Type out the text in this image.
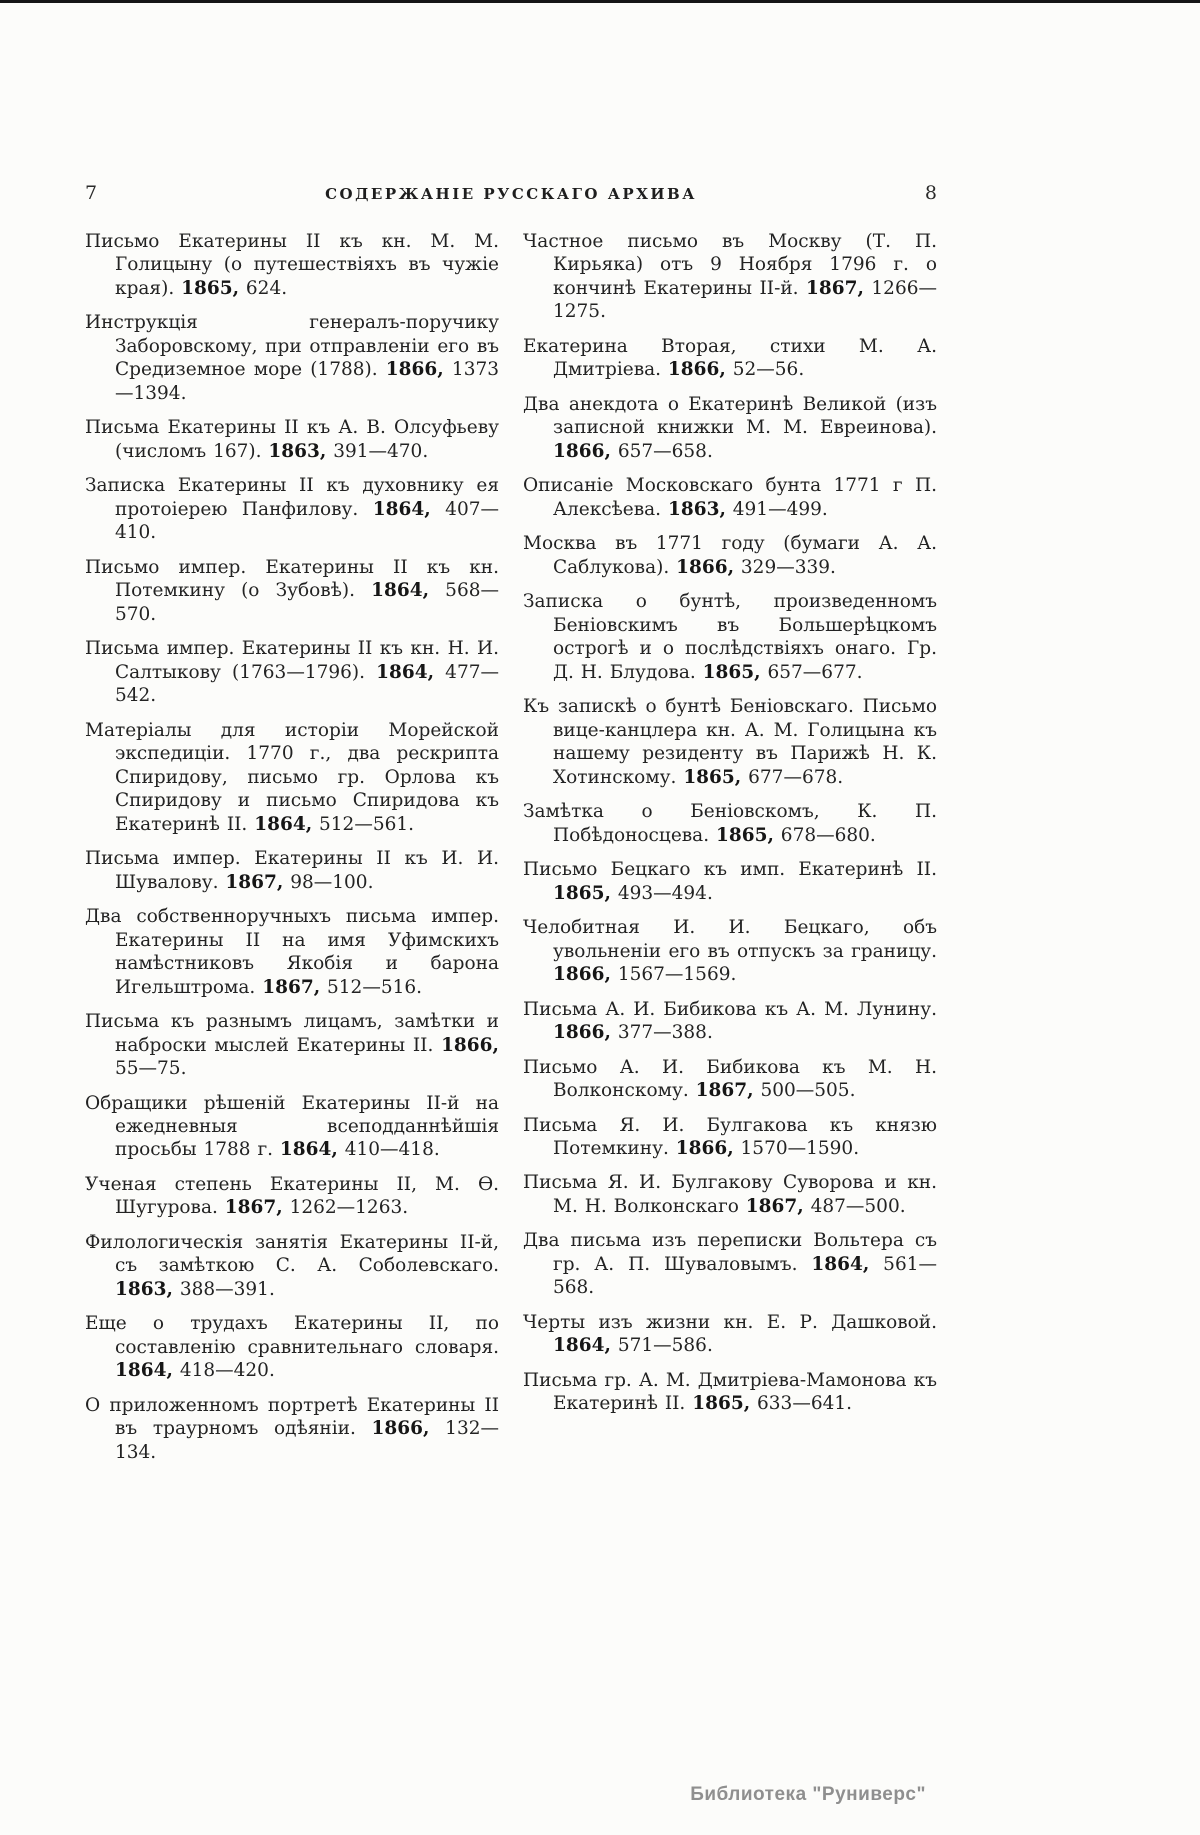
7	СОДЕРЖАНІЕ РУССКАГО АРХИВА	8

Письмо Екатерины II къ кн. М. М. Голицыну (о путешествіяхъ въ чужіе края). 1865, 624.

Инструкція генералъ-поручику Заборовскому, при отправленіи его въ Средиземное море (1788). 1866, 1373—1394.

Письма Екатерины II къ А. В. Олсуфьеву (числомъ 167). 1863, 391—470.

Записка Екатерины II къ духовнику ея протоіерею Панфилову. 1864, 407—410.

Письмо импер. Екатерины II къ кн. Потемкину (о Зубовѣ). 1864, 568—570.

Письма импер. Екатерины II къ кн. Н. И. Салтыкову (1763—1796). 1864, 477—542.

Матеріалы для исторіи Морейской экспедиціи. 1770 г., два рескрипта Спиридову, письмо гр. Орлова къ Спиридову и письмо Спиридова къ Екатеринѣ II. 1864, 512—561.

Письма импер. Екатерины II къ И. И. Шувалову. 1867, 98—100.

Два собственноручныхъ письма импер. Екатерины II на имя Уфимскихъ намѣстниковъ Якобія и барона Игельштрома. 1867, 512—516.

Письма къ разнымъ лицамъ, замѣтки и наброски мыслей Екатерины II. 1866, 55—75.

Обращики рѣшеній Екатерины II-й на ежедневныя всеподданнѣйшія просьбы 1788 г. 1864, 410—418.

Ученая степень Екатерины II, М. Ѳ. Шугурова. 1867, 1262—1263.

Филологическія занятія Екатерины II-й, съ замѣткою С. А. Соболевскаго. 1863, 388—391.

Еще о трудахъ Екатерины II, по составленію сравнительнаго словаря. 1864, 418—420.

О приложенномъ портретѣ Екатерины II въ траурномъ одѣяніи. 1866, 132—134.

Частное письмо въ Москву (Т. П. Кирьяка) отъ 9 Ноября 1796 г. о кончинѣ Екатерины II-й. 1867, 1266—1275.

Екатерина Вторая, стихи М. А. Дмитріева. 1866, 52—56.

Два анекдота о Екатеринѣ Великой (изъ записной книжки М. М. Евреинова). 1866, 657—658.

Описаніе Московскаго бунта 1771 г П. Алексѣева. 1863, 491—499.

Москва въ 1771 году (бумаги А. А. Саблукова). 1866, 329—339.

Записка о бунтѣ, произведенномъ Беніовскимъ въ Большерѣцкомъ острогѣ и о послѣдствіяхъ онаго. Гр. Д. Н. Блудова. 1865, 657—677.

Къ запискѣ о бунтѣ Беніовскаго. Письмо вице-канцлера кн. А. М. Голицына къ нашему резиденту въ Парижѣ Н. К. Хотинскому. 1865, 677—678.

Замѣтка о Беніовскомъ, К. П. Побѣдоносцева. 1865, 678—680.

Письмо Бецкаго къ имп. Екатеринѣ II. 1865, 493—494.

Челобитная И. И. Бецкаго, объ увольненіи его въ отпускъ за границу. 1866, 1567—1569.

Письма А. И. Бибикова къ А. М. Лунину. 1866, 377—388.

Письмо А. И. Бибикова къ М. Н. Волконскому. 1867, 500—505.

Письма Я. И. Булгакова къ князю Потемкину. 1866, 1570—1590.

Письма Я. И. Булгакову Суворова и кн. М. Н. Волконскаго 1867, 487—500.

Два письма изъ переписки Вольтера съ гр. А. П. Шуваловымъ. 1864, 561—568.

Черты изъ жизни кн. Е. Р. Дашковой. 1864, 571—586.

Письма гр. А. М. Дмитріева-Мамонова къ Екатеринѣ II. 1865, 633—641.

Библиотека "Руниверс"
